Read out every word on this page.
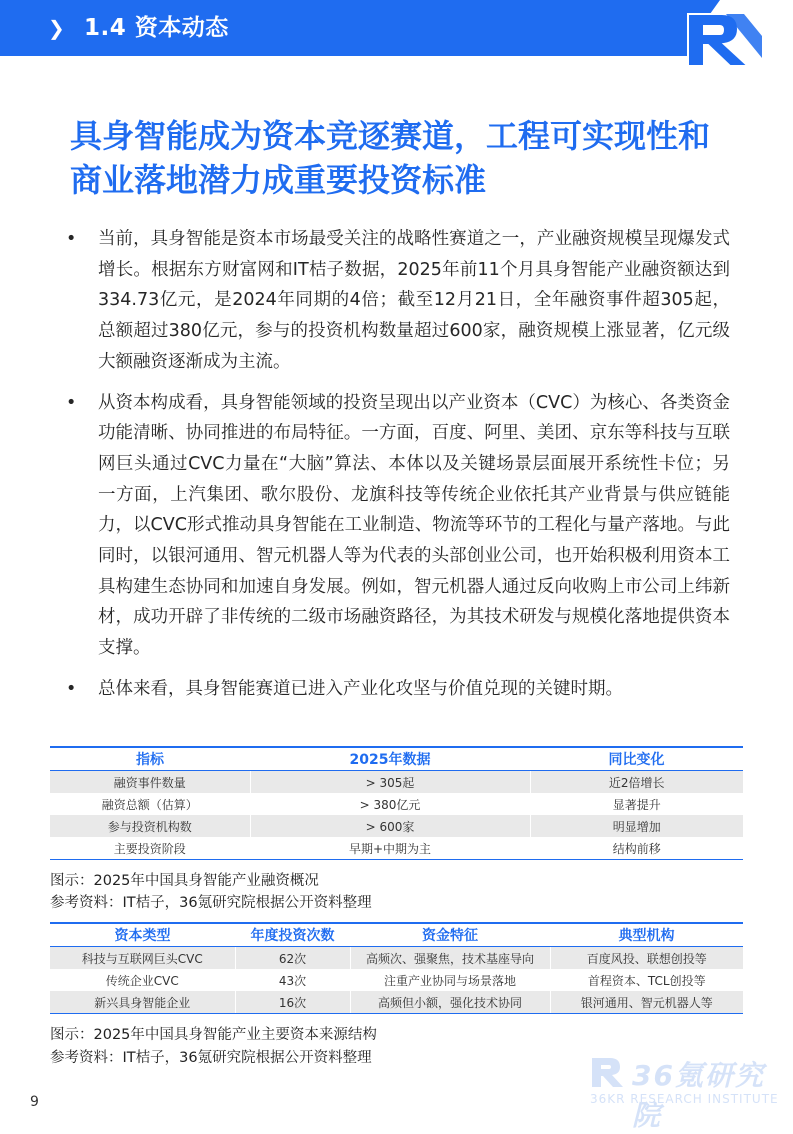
❯ 1.4 资本动态
具身智能成为资本竞逐赛道，工程可实现性和
商业落地潜力成重要投资标准
• 当前，具身智能是资本市场最受关注的战略性赛道之一，产业融资规模呈现爆发式增长。根据东方财富网和IT桔子数据，2025年前11个月具身智能产业融资额达到334.73亿元，是2024年同期的4倍；截至12月21日，全年融资事件超305起，总额超过380亿元，参与的投资机构数量超过600家，融资规模上涨显著，亿元级大额融资逐渐成为主流。
• 从资本构成看，具身智能领域的投资呈现出以产业资本（CVC）为核心、各类资金功能清晰、协同推进的布局特征。一方面，百度、阿里、美团、京东等科技与互联网巨头通过CVC力量在“大脑”算法、本体以及关键场景层面展开系统性卡位；另一方面，上汽集团、歌尔股份、龙旗科技等传统企业依托其产业背景与供应链能力，以CVC形式推动具身智能在工业制造、物流等环节的工程化与量产落地。与此同时，以银河通用、智元机器人等为代表的头部创业公司，也开始积极利用资本工具构建生态协同和加速自身发展。例如，智元机器人通过反向收购上市公司上纬新材，成功开辟了非传统的二级市场融资路径，为其技术研发与规模化落地提供资本支撑。
• 总体来看，具身智能赛道已进入产业化攻坚与价值兑现的关键时期。
指标	2025年数据	同比变化
融资事件数量	> 305起	近2倍增长
融资总额（估算）	> 380亿元	显著提升
参与投资机构数	> 600家	明显增加
主要投资阶段	早期+中期为主	结构前移
图示：2025年中国具身智能产业融资概况
参考资料：IT桔子，36氪研究院根据公开资料整理
资本类型	年度投资次数	资金特征	典型机构
科技与互联网巨头CVC	62次	高频次、强聚焦，技术基座导向	百度风投、联想创投等
传统企业CVC	43次	注重产业协同与场景落地	首程资本、TCL创投等
新兴具身智能企业	16次	高频但小额，强化技术协同	银河通用、智元机器人等
图示：2025年中国具身智能产业主要资本来源结构
参考资料：IT桔子，36氪研究院根据公开资料整理
36氪研究院
36KR RESEARCH INSTITUTE
9
